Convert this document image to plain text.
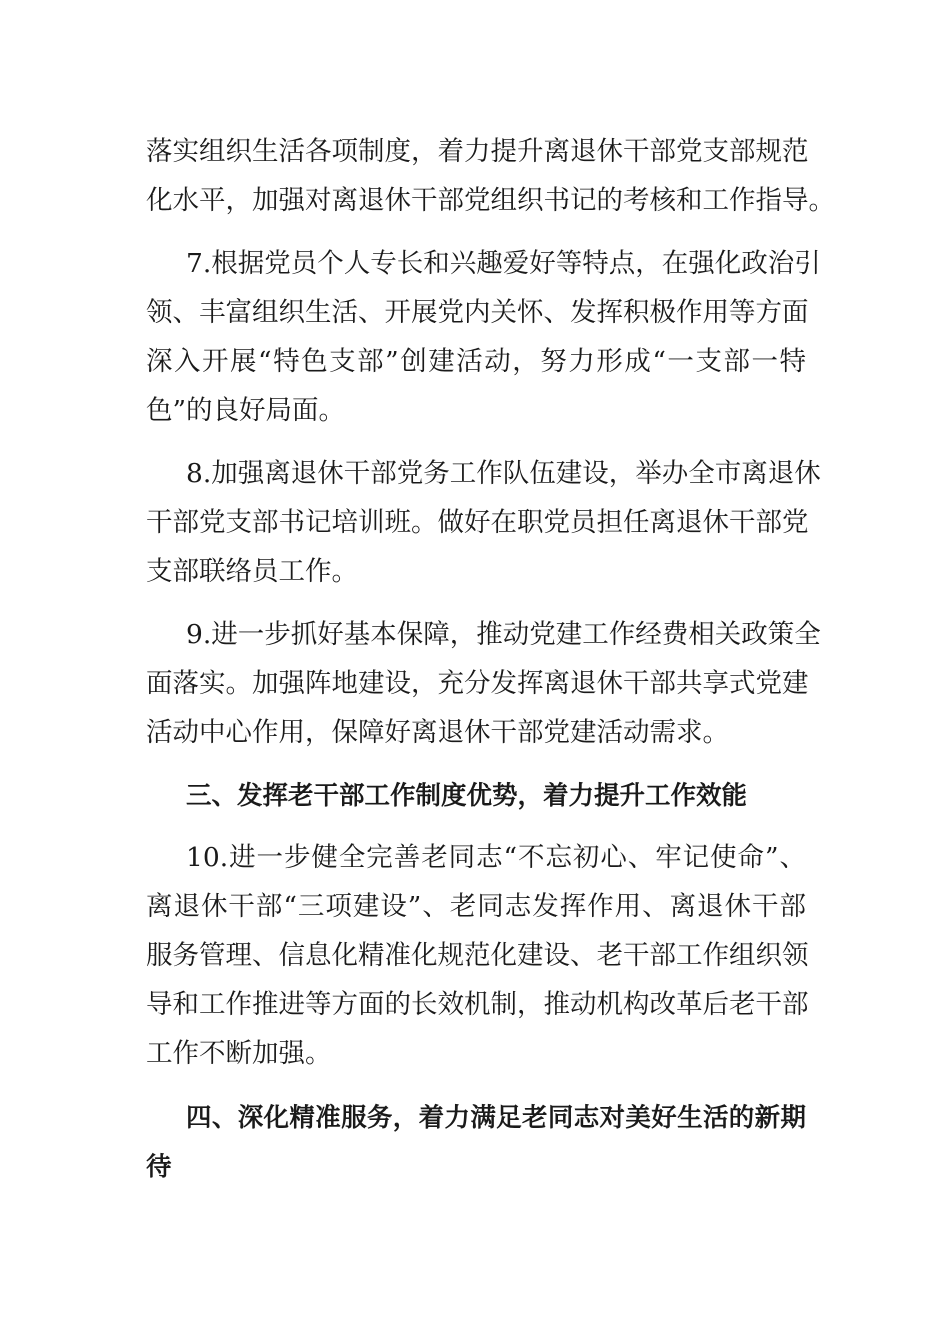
落实组织生活各项制度，着力提升离退休干部党支部规范
化水平，加强对离退休干部党组织书记的考核和工作指导。
7.根据党员个人专长和兴趣爱好等特点，在强化政治引
领、丰富组织生活、开展党内关怀、发挥积极作用等方面
深入开展“特色支部”创建活动，努力形成“一支部一特
色”的良好局面。
8.加强离退休干部党务工作队伍建设，举办全市离退休
干部党支部书记培训班。做好在职党员担任离退休干部党
支部联络员工作。
9.进一步抓好基本保障，推动党建工作经费相关政策全
面落实。加强阵地建设，充分发挥离退休干部共享式党建
活动中心作用，保障好离退休干部党建活动需求。
三、发挥老干部工作制度优势，着力提升工作效能
10.进一步健全完善老同志“不忘初心、牢记使命”、
离退休干部“三项建设”、老同志发挥作用、离退休干部
服务管理、信息化精准化规范化建设、老干部工作组织领
导和工作推进等方面的长效机制，推动机构改革后老干部
工作不断加强。
四、深化精准服务，着力满足老同志对美好生活的新期
待
